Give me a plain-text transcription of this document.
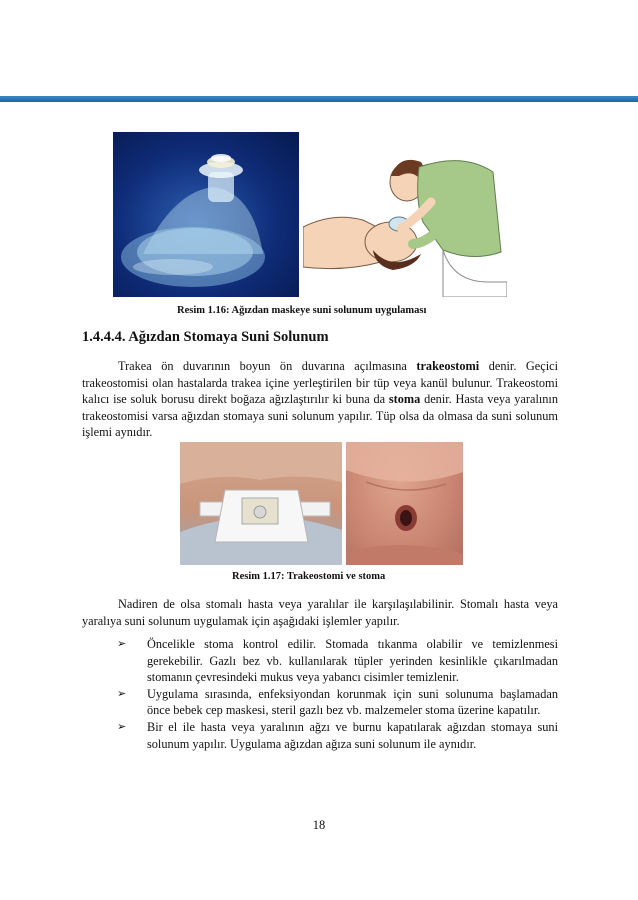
Resim 1.16: Ağızdan maskeye suni solunum uygulaması
1.4.4.4. Ağızdan Stomaya Suni Solunum

Trakea ön duvarının boyun ön duvarına açılmasına trakeostomi denir. Geçici trakeostomisi olan hastalarda trakea içine yerleştirilen bir tüp veya kanül bulunur. Trakeostomi kalıcı ise soluk borusu direkt boğaza ağızlaştırılır ki buna da stoma denir. Hasta veya yaralının trakeostomisi varsa ağızdan stomaya suni solunum yapılır. Tüp olsa da olmasa da suni solunum işlemi aynıdır.

Resim 1.17: Trakeostomi ve stoma

Nadiren de olsa stomalı hasta veya yaralılar ile karşılaşılabilinir. Stomalı hasta veya yaralıya suni solunum uygulamak için aşağıdaki işlemler yapılır.

➢ Öncelikle stoma kontrol edilir. Stomada tıkanma olabilir ve temizlenmesi gerekebilir. Gazlı bez vb. kullanılarak tüpler yerinden kesinlikle çıkarılmadan stomanın çevresindeki mukus veya yabancı cisimler temizlenir.
➢ Uygulama sırasında, enfeksiyondan korunmak için suni solunuma başlamadan önce bebek cep maskesi, steril gazlı bez vb. malzemeler stoma üzerine kapatılır.
➢ Bir el ile hasta veya yaralının ağzı ve burnu kapatılarak ağızdan stomaya suni solunum yapılır. Uygulama ağızdan ağıza suni solunum ile aynıdır.
18
